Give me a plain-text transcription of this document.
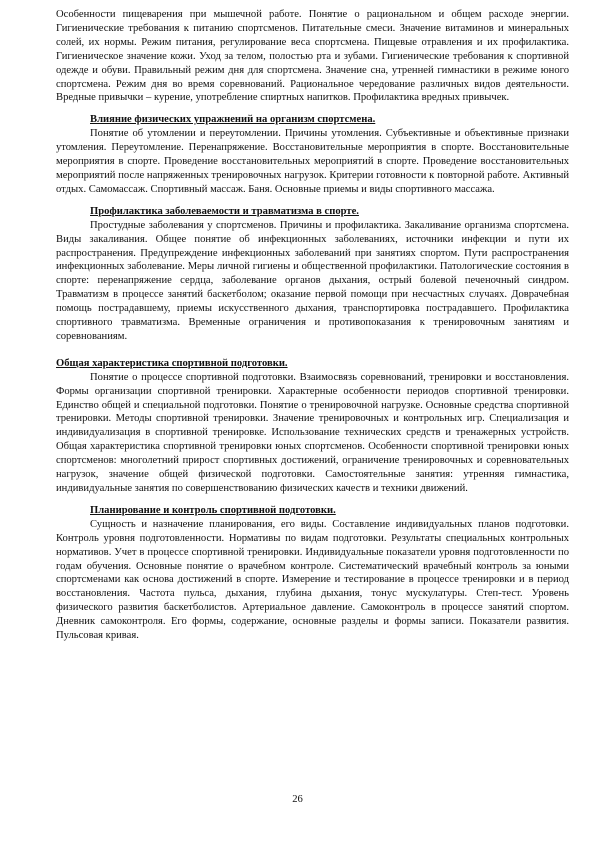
Особенности пищеварения при мышечной работе. Понятие о рациональном и общем расходе энергии. Гигиенические требования к питанию спортсменов. Питательные смеси. Значение витаминов и минеральных солей, их нормы. Режим питания, регулирование веса спортсмена. Пищевые отравления и их профилактика. Гигиеническое значение кожи. Уход за телом, полостью рта и зубами. Гигиенические требования к спортивной одежде и обуви. Правильный режим дня для спортсмена. Значение сна, утренней гимнастики в режиме юного спортсмена. Режим дня во время соревнований. Рациональное чередование различных видов деятельности. Вредные привычки – курение, употребление спиртных напитков. Профилактика вредных привычек.

Влияние физических упражнений на организм спортсмена.

Понятие об утомлении и переутомлении. Причины утомления. Субъективные и объективные признаки утомления. Переутомление. Перенапряжение. Восстановительные мероприятия в спорте. Восстановительные мероприятия в спорте. Проведение восстановительных мероприятий в спорте. Проведение восстановительных мероприятий после напряженных тренировочных нагрузок. Критерии готовности к повторной работе. Активный отдых. Самомассаж. Спортивный массаж. Баня. Основные приемы и виды спортивного массажа.

Профилактика заболеваемости и травматизма в спорте.

Простудные заболевания у спортсменов. Причины и профилактика. Закаливание организма спортсмена. Виды закаливания. Общее понятие об инфекционных заболеваниях, источники инфекции и пути их распространения. Предупреждение инфекционных заболеваний при занятиях спортом. Пути распространения инфекционных заболевание. Меры личной гигиены и общественной профилактики. Патологические состояния в спорте: перенапряжение сердца, заболевание органов дыхания, острый болевой печеночный синдром. Травматизм в процессе занятий баскетболом; оказание первой помощи при несчастных случаях. Доврачебная помощь пострадавшему, приемы искусственного дыхания, транспортировка пострадавшего. Профилактика спортивного травматизма. Временные ограничения и противопоказания к тренировочным занятиям и соревнованиям.

Общая характеристика спортивной подготовки.

Понятие о процессе спортивной подготовки. Взаимосвязь соревнований, тренировки и восстановления. Формы организации спортивной тренировки. Характерные особенности периодов спортивной тренировки. Единство общей и специальной подготовки. Понятие о тренировочной нагрузке. Основные средства спортивной тренировки. Методы спортивной тренировки. Значение тренировочных и контрольных игр. Специализация и индивидуализация в спортивной тренировке. Использование технических средств и тренажерных устройств. Общая характеристика спортивной тренировки юных спортсменов. Особенности спортивной тренировки юных спортсменов: многолетний прирост спортивных достижений, ограничение тренировочных и соревновательных нагрузок, значение общей физической подготовки. Самостоятельные занятия: утренняя гимнастика, индивидуальные занятия по совершенствованию физических качеств и техники движений.

Планирование и контроль спортивной подготовки.

Сущность и назначение планирования, его виды. Составление индивидуальных планов подготовки. Контроль уровня подготовленности. Нормативы по видам подготовки. Результаты специальных контрольных нормативов. Учет в процессе спортивной тренировки. Индивидуальные показатели уровня подготовленности по годам обучения. Основные понятие о врачебном контроле. Систематический врачебный контроль за юными спортсменами как основа достижений в спорте. Измерение и тестирование в процессе тренировки и в период восстановления. Частота пульса, дыхания, глубина дыхания, тонус мускулатуры. Степ-тест. Уровень физического развития баскетболистов. Артериальное давление. Самоконтроль в процессе занятий спортом. Дневник самоконтроля. Его формы, содержание, основные разделы и формы записи. Показатели развития. Пульсовая кривая.

26
